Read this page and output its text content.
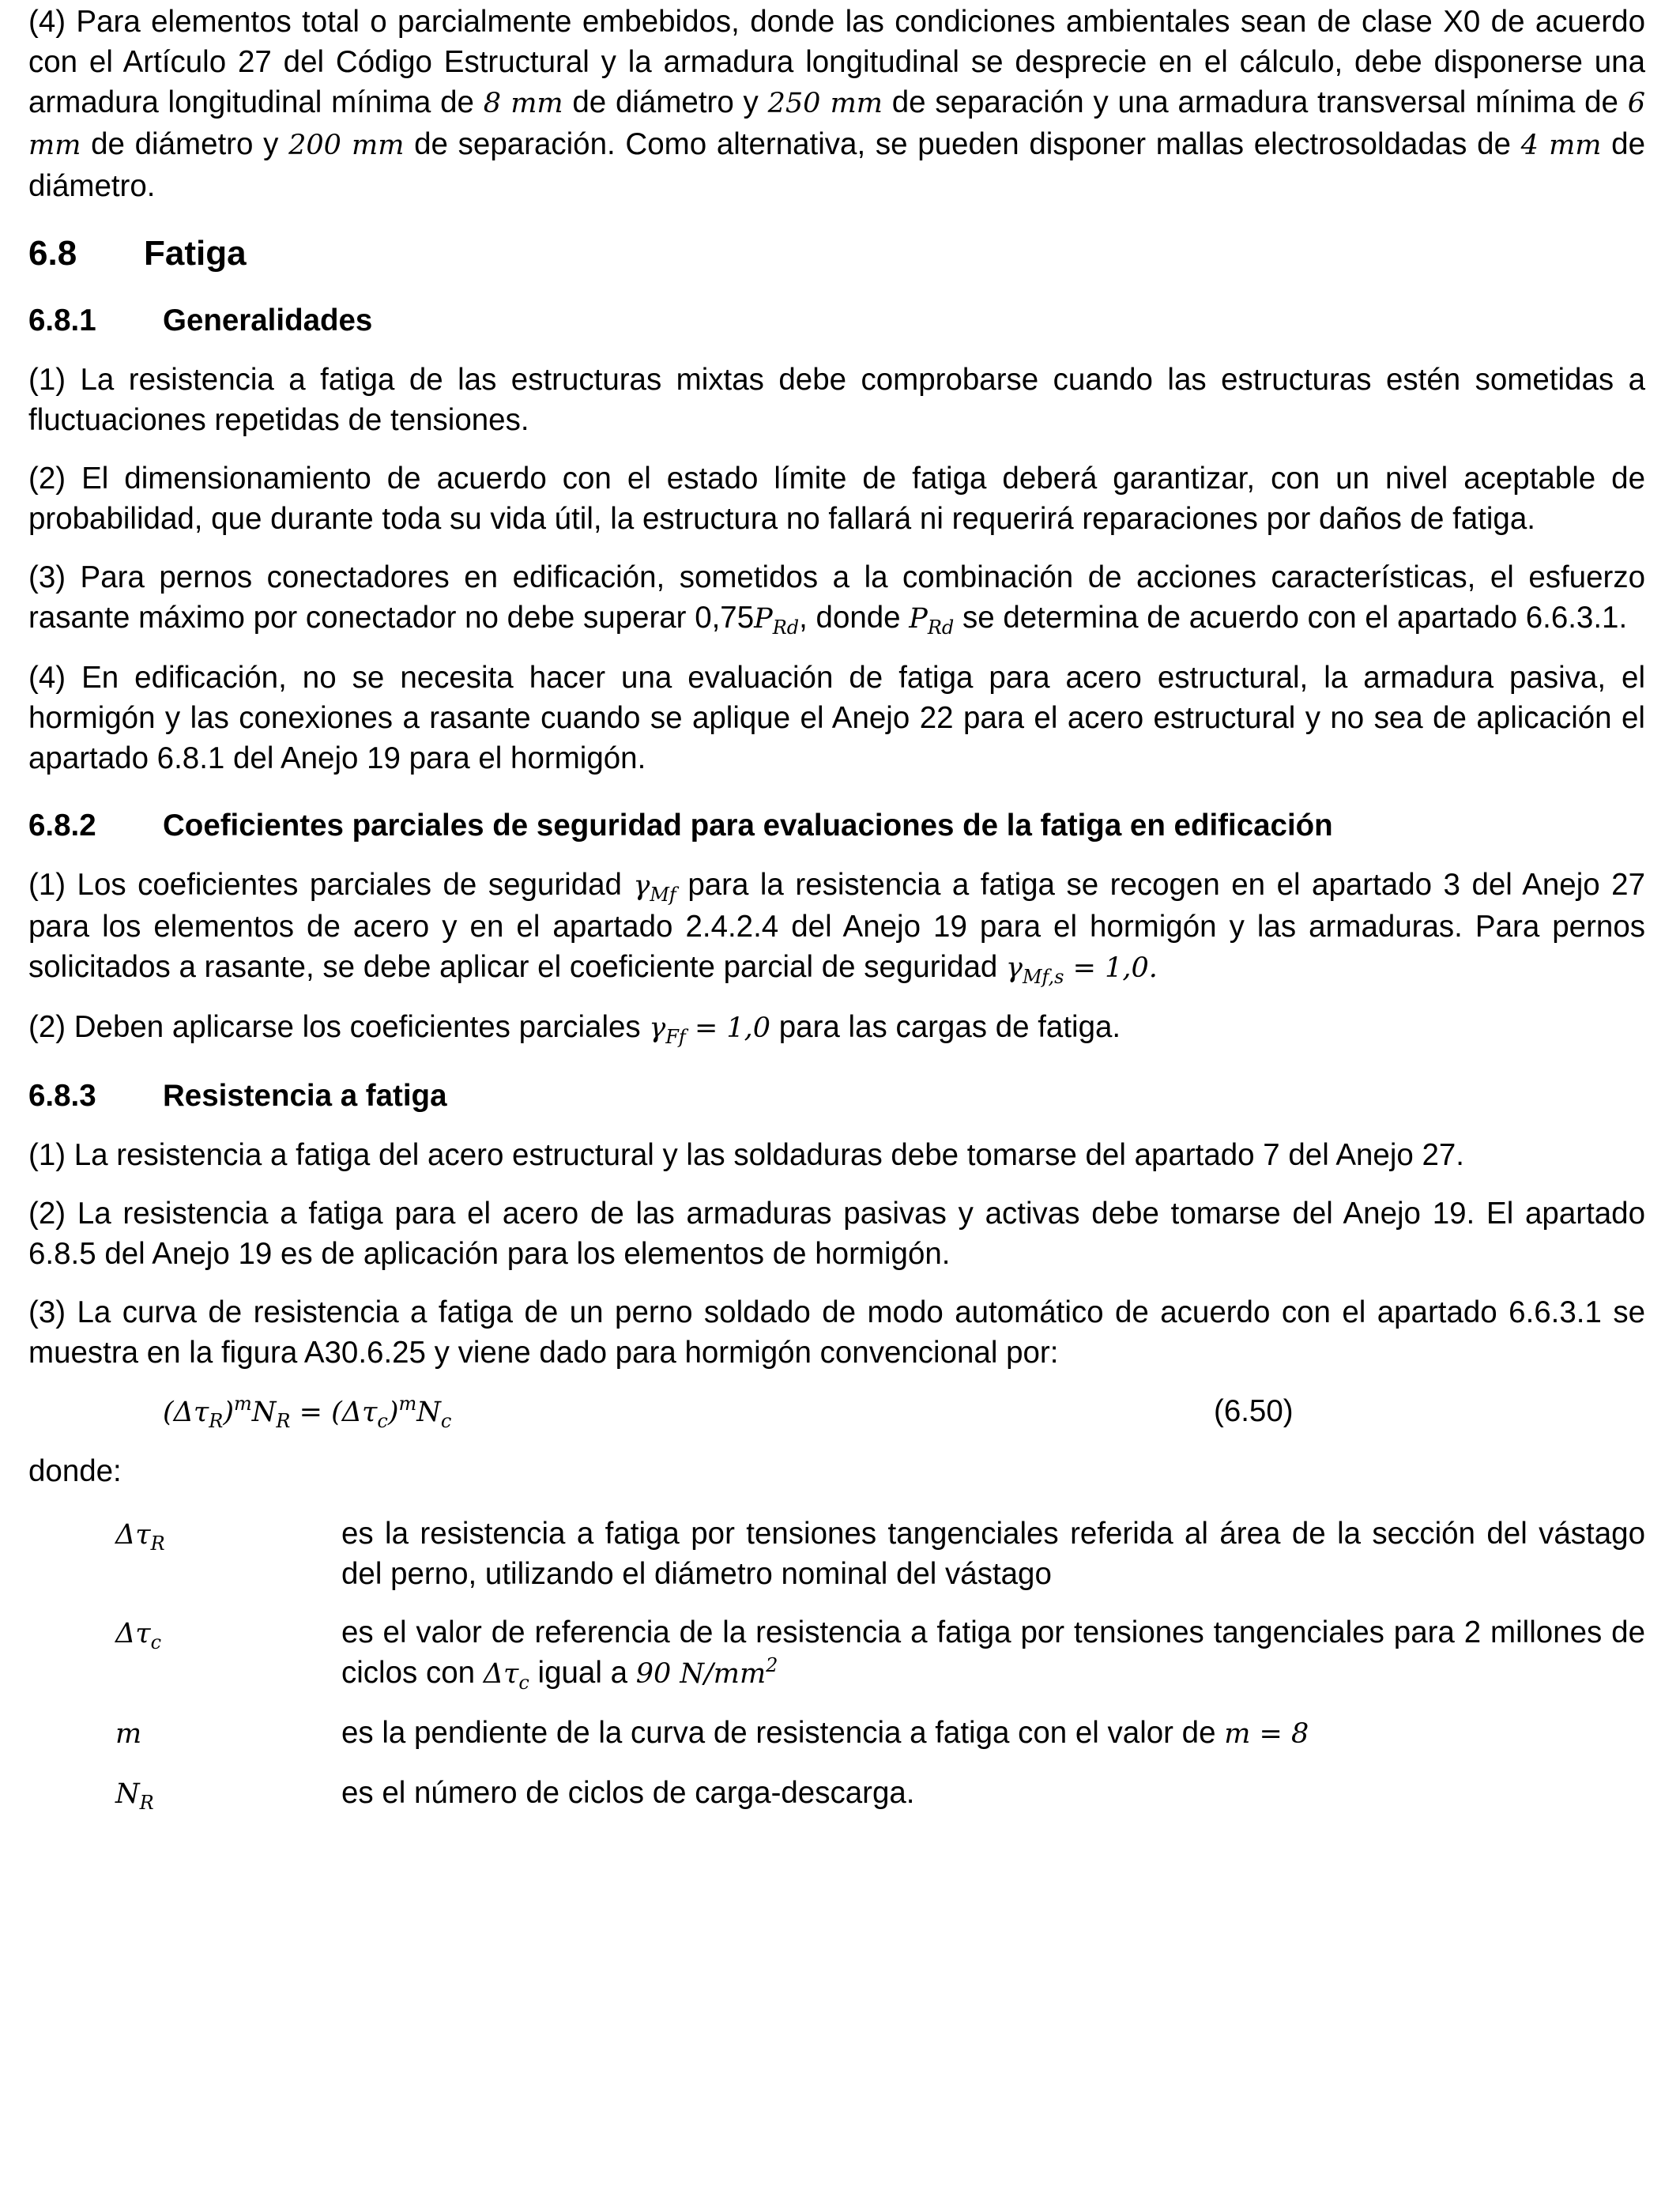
(4) Para elementos total o parcialmente embebidos, donde las condiciones ambientales sean de clase X0 de acuerdo con el Artículo 27 del Código Estructural y la armadura longitudinal se desprecie en el cálculo, debe disponerse una armadura longitudinal mínima de 8 mm de diámetro y 250 mm de separación y una armadura transversal mínima de 6 mm de diámetro y 200 mm de separación. Como alternativa, se pueden disponer mallas electrosoldadas de 4 mm de diámetro.
6.8	Fatiga
6.8.1	Generalidades
(1) La resistencia a fatiga de las estructuras mixtas debe comprobarse cuando las estructuras estén sometidas a fluctuaciones repetidas de tensiones.
(2) El dimensionamiento de acuerdo con el estado límite de fatiga deberá garantizar, con un nivel aceptable de probabilidad, que durante toda su vida útil, la estructura no fallará ni requerirá reparaciones por daños de fatiga.
(3) Para pernos conectadores en edificación, sometidos a la combinación de acciones características, el esfuerzo rasante máximo por conectador no debe superar $0,75P_{Rd}$, donde $P_{Rd}$ se determina de acuerdo con el apartado 6.6.3.1.
(4) En edificación, no se necesita hacer una evaluación de fatiga para acero estructural, la armadura pasiva, el hormigón y las conexiones a rasante cuando se aplique el Anejo 22 para el acero estructural y no sea de aplicación el apartado 6.8.1 del Anejo 19 para el hormigón.
6.8.2	Coeficientes parciales de seguridad para evaluaciones de la fatiga en edificación
(1) Los coeficientes parciales de seguridad $\gamma_{Mf}$ para la resistencia a fatiga se recogen en el apartado 3 del Anejo 27 para los elementos de acero y en el apartado 2.4.2.4 del Anejo 19 para el hormigón y las armaduras. Para pernos solicitados a rasante, se debe aplicar el coeficiente parcial de seguridad $\gamma_{Mf,s} = 1,0$.
(2) Deben aplicarse los coeficientes parciales $\gamma_{Ff} = 1,0$ para las cargas de fatiga.
6.8.3	Resistencia a fatiga
(1) La resistencia a fatiga del acero estructural y las soldaduras debe tomarse del apartado 7 del Anejo 27.
(2) La resistencia a fatiga para el acero de las armaduras pasivas y activas debe tomarse del Anejo 19. El apartado 6.8.5 del Anejo 19 es de aplicación para los elementos de hormigón.
(3) La curva de resistencia a fatiga de un perno soldado de modo automático de acuerdo con el apartado 6.6.3.1 se muestra en la figura A30.6.25 y viene dado para hormigón convencional por:
$(\Delta\tau_R)^mN_R = (\Delta\tau_c)^mN_c$	(6.50)
donde:
$\Delta\tau_R$	es la resistencia a fatiga por tensiones tangenciales referida al área de la sección del vástago del perno, utilizando el diámetro nominal del vástago
$\Delta\tau_c$	es el valor de referencia de la resistencia a fatiga por tensiones tangenciales para 2 millones de ciclos con $\Delta\tau_c$ igual a 90 $N/mm^2$
m	es la pendiente de la curva de resistencia a fatiga con el valor de m = 8
$N_R$	es el número de ciclos de carga-descarga.
